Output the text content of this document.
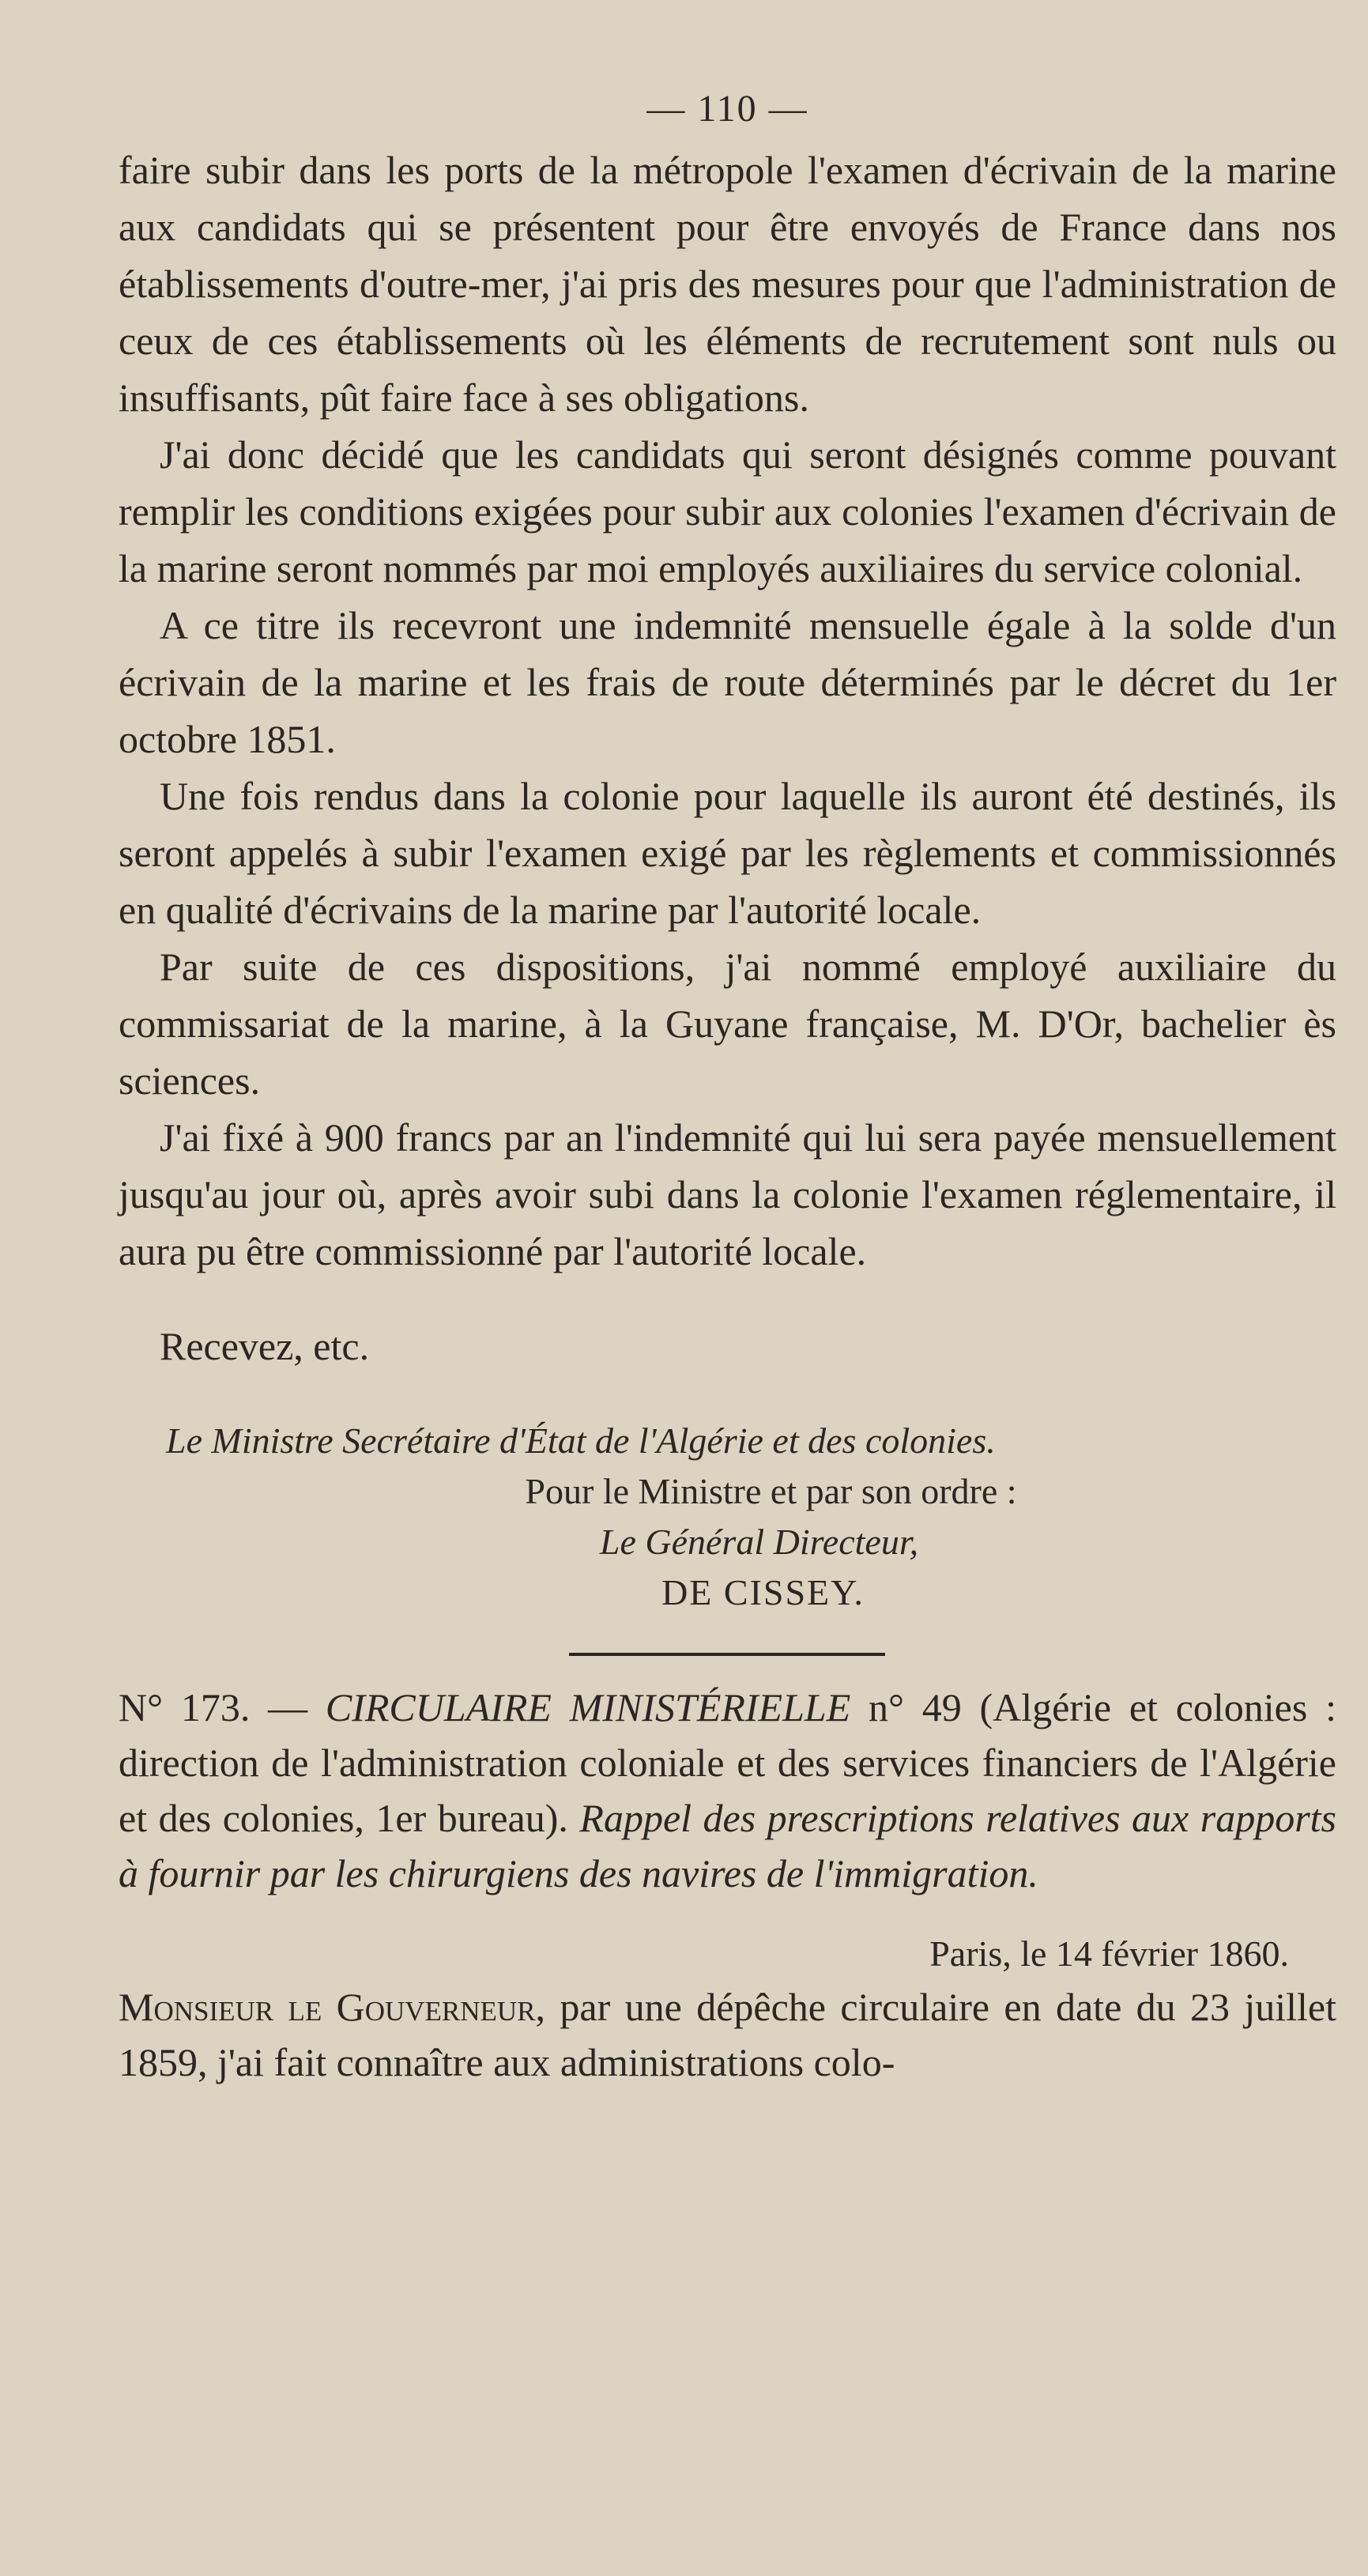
— 110 —

faire subir dans les ports de la métropole l'examen d'écrivain de la marine aux candidats qui se présentent pour être envoyés de France dans nos établissements d'outre-mer, j'ai pris des mesures pour que l'administration de ceux de ces établissements où les éléments de recrutement sont nuls ou insuffisants, pût faire face à ses obligations.

J'ai donc décidé que les candidats qui seront désignés comme pouvant remplir les conditions exigées pour subir aux colonies l'examen d'écrivain de la marine seront nommés par moi employés auxiliaires du service colonial.

A ce titre ils recevront une indemnité mensuelle égale à la solde d'un écrivain de la marine et les frais de route déterminés par le décret du 1er octobre 1851.

Une fois rendus dans la colonie pour laquelle ils auront été destinés, ils seront appelés à subir l'examen exigé par les règlements et commissionnés en qualité d'écrivains de la marine par l'autorité locale.

Par suite de ces dispositions, j'ai nommé employé auxiliaire du commissariat de la marine, à la Guyane française, M. D'Or, bachelier ès sciences.

J'ai fixé à 900 francs par an l'indemnité qui lui sera payée mensuellement jusqu'au jour où, après avoir subi dans la colonie l'examen réglementaire, il aura pu être commissionné par l'autorité locale.

Recevez, etc.

Le Ministre Secrétaire d'État de l'Algérie et des colonies.

Pour le Ministre et par son ordre :

Le Général Directeur,

DE CISSEY.

N° 173. — CIRCULAIRE MINISTÉRIELLE n° 49 (Algérie et colonies : direction de l'administration coloniale et des services financiers de l'Algérie et des colonies, 1er bureau). Rappel des prescriptions relatives aux rapports à fournir par les chirurgiens des navires de l'immigration.

Paris, le 14 février 1860.

Monsieur le Gouverneur, par une dépêche circulaire en date du 23 juillet 1859, j'ai fait connaître aux administrations colo-
